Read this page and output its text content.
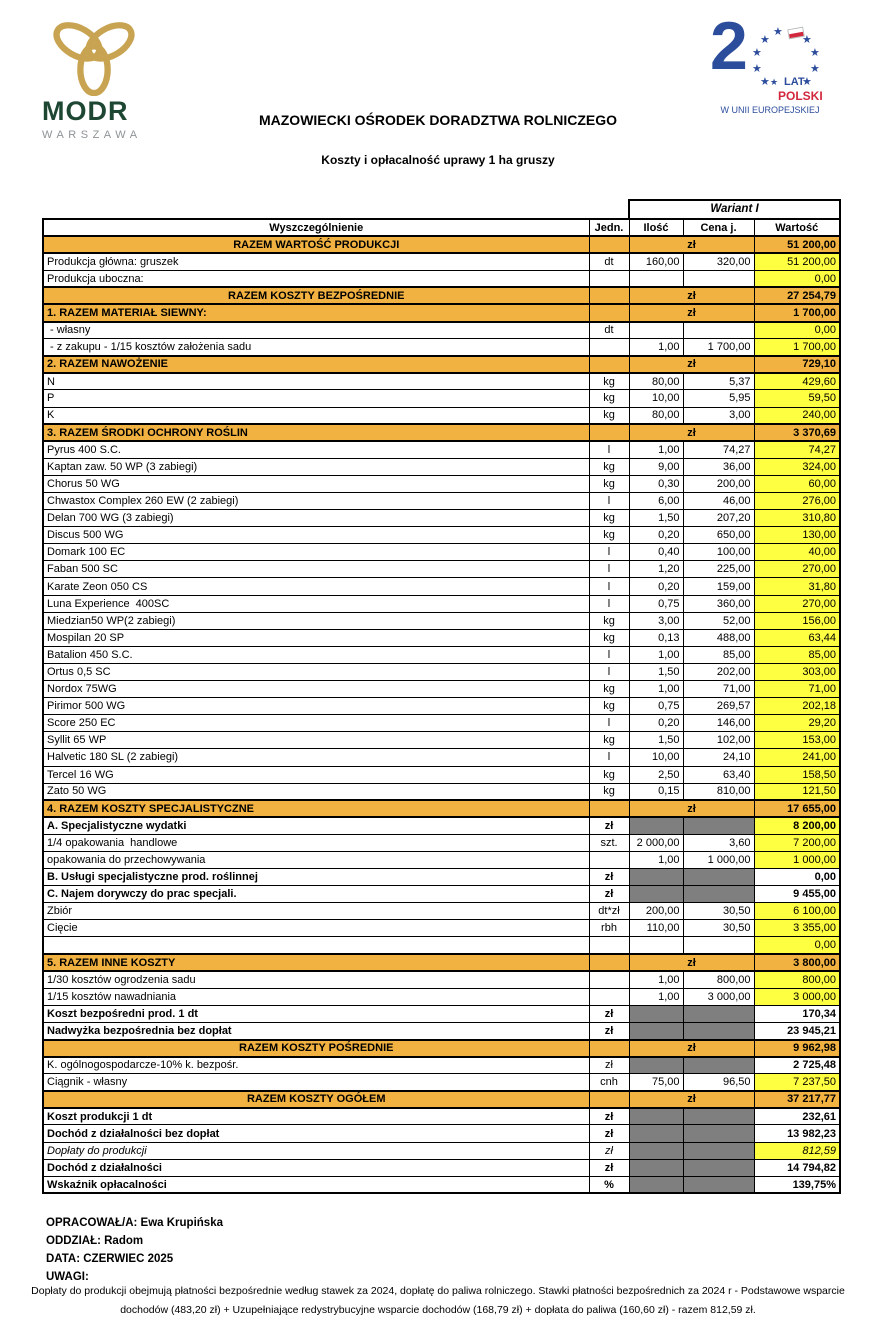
MODR
WARSZAWA
2 ★
★
★
★
★
★
★
★
★
★ LAT
POLSKI
W UNII EUROPEJSKIEJ
MAZOWIECKI OŚRODEK DORADZTWA ROLNICZEGO
Koszty i opłacalność uprawy 1 ha gruszy
Wariant I
Wyszczególnienie	Jedn.	Ilość	Cena j.	Wartość
RAZEM WARTOŚĆ PRODUKCJI		zł		51 200,00
Produkcja główna: gruszek	dt	160,00	320,00	51 200,00
Produkcja uboczna:				0,00
RAZEM KOSZTY BEZPOŚREDNIE		zł		27 254,79
1. RAZEM MATERIAŁ SIEWNY:		zł		1 700,00
- własny	dt			0,00
- z zakupu - 1/15 kosztów założenia sadu		1,00	1 700,00	1 700,00
2. RAZEM NAWOŻENIE		zł		729,10
N	kg	80,00	5,37	429,60
P	kg	10,00	5,95	59,50
K	kg	80,00	3,00	240,00
3. RAZEM ŚRODKI OCHRONY ROŚLIN		zł		3 370,69
Pyrus 400 S.C.	l	1,00	74,27	74,27
Kaptan zaw. 50 WP (3 zabiegi)	kg	9,00	36,00	324,00
Chorus 50 WG	kg	0,30	200,00	60,00
Chwastox Complex 260 EW (2 zabiegi)	l	6,00	46,00	276,00
Delan 700 WG (3 zabiegi)	kg	1,50	207,20	310,80
Discus 500 WG	kg	0,20	650,00	130,00
Domark 100 EC	l	0,40	100,00	40,00
Faban 500 SC	l	1,20	225,00	270,00
Karate Zeon 050 CS	l	0,20	159,00	31,80
Luna Experience  400SC	l	0,75	360,00	270,00
Miedzian50 WP(2 zabiegi)	kg	3,00	52,00	156,00
Mospilan 20 SP	kg	0,13	488,00	63,44
Batalion 450 S.C.	l	1,00	85,00	85,00
Ortus 0,5 SC	l	1,50	202,00	303,00
Nordox 75WG	kg	1,00	71,00	71,00
Pirimor 500 WG	kg	0,75	269,57	202,18
Score 250 EC	l	0,20	146,00	29,20
Syllit 65 WP	kg	1,50	102,00	153,00
Halvetic 180 SL (2 zabiegi)	l	10,00	24,10	241,00
Tercel 16 WG	kg	2,50	63,40	158,50
Zato 50 WG	kg	0,15	810,00	121,50
4. RAZEM KOSZTY SPECJALISTYCZNE		zł		17 655,00
A. Specjalistyczne wydatki	zł			8 200,00
1/4 opakowania  handlowe	szt.	2 000,00	3,60	7 200,00
opakowania do przechowywania		1,00	1 000,00	1 000,00
B. Usługi specjalistyczne prod. roślinnej	zł			0,00
C. Najem dorywczy do prac specjali.	zł			9 455,00
Zbiór	dt*zł	200,00	30,50	6 100,00
Cięcie	rbh	110,00	30,50	3 355,00
				0,00
5. RAZEM INNE KOSZTY		zł		3 800,00
1/30 kosztów ogrodzenia sadu		1,00	800,00	800,00
1/15 kosztów nawadniania		1,00	3 000,00	3 000,00
Koszt bezpośredni prod. 1 dt	zł			170,34
Nadwyżka bezpośrednia bez dopłat	zł			23 945,21
RAZEM KOSZTY POŚREDNIE		zł		9 962,98
K. ogólnogospodarcze-10% k. bezpośr.	zł			2 725,48
Ciągnik - własny	cnh	75,00	96,50	7 237,50
RAZEM KOSZTY OGÓŁEM		zł		37 217,77
Koszt produkcji 1 dt	zł			232,61
Dochód z działalności bez dopłat	zł			13 982,23
Dopłaty do produkcji	zł			812,59
Dochód z działalności	zł			14 794,82
Wskaźnik opłacalności	%			139,75%
OPRACOWAŁ/A: Ewa Krupińska
ODDZIAŁ: Radom
DATA: CZERWIEC 2025
UWAGI:
Dopłaty do produkcji obejmują płatności bezpośrednie według stawek za 2024, dopłatę do paliwa rolniczego. Stawki płatności bezpośrednich za 2024 r - Podstawowe wsparcie dochodów (483,20 zł) + Uzupełniające redystrybucyjne wsparcie dochodów (168,79 zł) + dopłata do paliwa (160,60 zł) - razem 812,59 zł.
